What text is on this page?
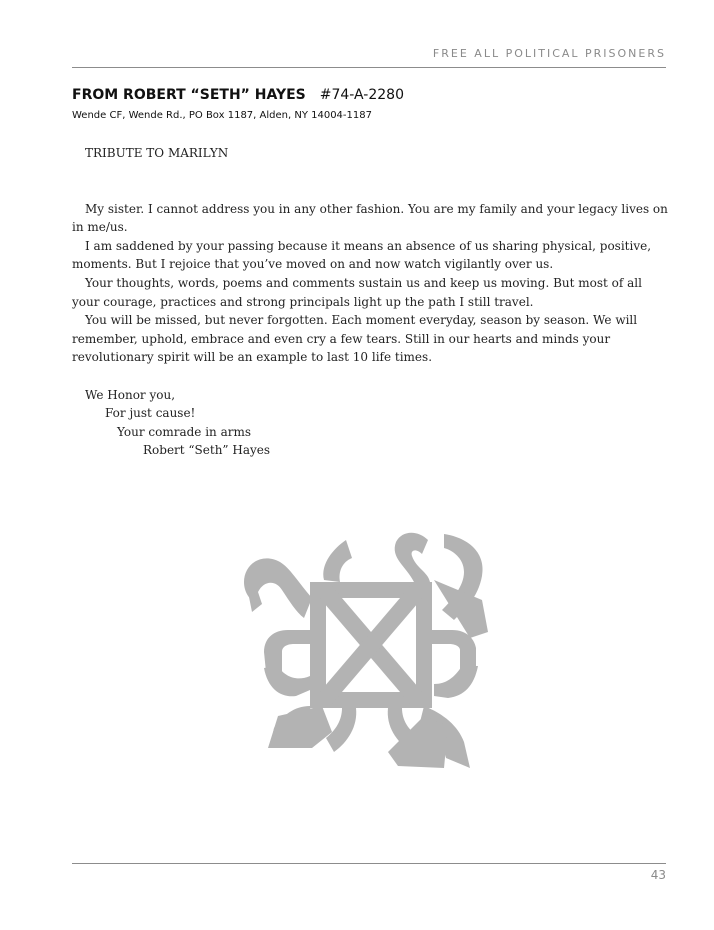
FREE ALL POLITICAL PRISONERS
FROM ROBERT “SETH” HAYES #74-A-2280
Wende CF, Wende Rd., PO Box 1187, Alden, NY 14004-1187

TRIBUTE TO MARILYN

My sister. I cannot address you in any other fashion. You are my family and your legacy lives on in me/us.

I am saddened by your passing because it means an absence of us sharing physical, positive, moments. But I rejoice that you’ve moved on and now watch vigilantly over us.

Your thoughts, words, poems and comments sustain us and keep us moving. But most of all your courage, practices and strong principals light up the path I still travel.

You will be missed, but never forgotten. Each moment everyday, season by season. We will remember, uphold, embrace and even cry a few tears. Still in our hearts and minds your revolutionary spirit will be an example to last 10 life times.

We Honor you,

For just cause!

Your comrade in arms

Robert “Seth” Hayes

43
